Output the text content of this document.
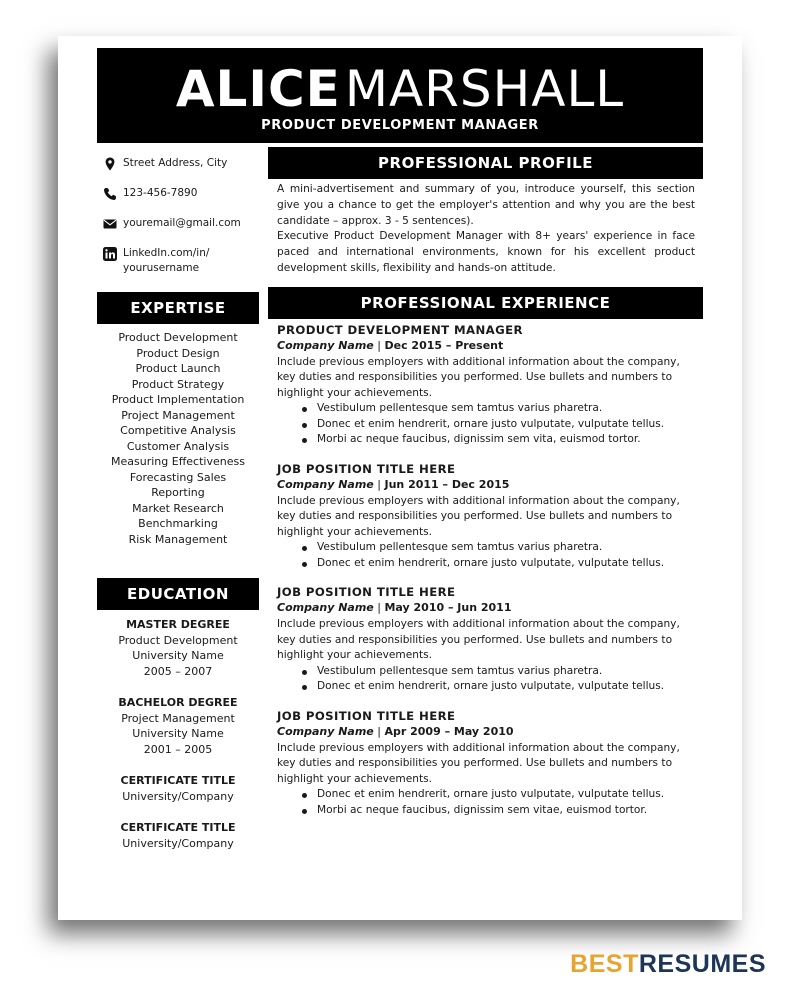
ALICEMARSHALL
PRODUCT DEVELOPMENT MANAGER
Street Address, City
123-456-7890
youremail@gmail.com
LinkedIn.com/in/ yourusername
EXPERTISE
Product Development
Product Design
Product Launch
Product Strategy
Product Implementation
Project Management
Competitive Analysis
Customer Analysis
Measuring Effectiveness
Forecasting Sales
Reporting
Market Research
Benchmarking
Risk Management
EDUCATION
MASTER DEGREE
Product Development
University Name
2005 – 2007
BACHELOR DEGREE
Project Management
University Name
2001 – 2005
CERTIFICATE TITLE
University/Company
CERTIFICATE TITLE
University/Company
PROFESSIONAL PROFILE
A mini-advertisement and summary of you, introduce yourself, this section give you a chance to get the employer's attention and why you are the best candidate – approx. 3 - 5 sentences).
Executive Product Development Manager with 8+ years' experience in face paced and international environments, known for his excellent product development skills, flexibility and hands-on attitude.
PROFESSIONAL EXPERIENCE
PRODUCT DEVELOPMENT MANAGER
Company Name | Dec 2015 – Present
Include previous employers with additional information about the company, key duties and responsibilities you performed. Use bullets and numbers to highlight your achievements.
Vestibulum pellentesque sem tamtus varius pharetra.
Donec et enim hendrerit, ornare justo vulputate, vulputate tellus.
Morbi ac neque faucibus, dignissim sem vita, euismod tortor.
JOB POSITION TITLE HERE
Company Name | Jun 2011 – Dec 2015
Include previous employers with additional information about the company, key duties and responsibilities you performed. Use bullets and numbers to highlight your achievements.
Vestibulum pellentesque sem tamtus varius pharetra.
Donec et enim hendrerit, ornare justo vulputate, vulputate tellus.
JOB POSITION TITLE HERE
Company Name | May 2010 – Jun 2011
Include previous employers with additional information about the company, key duties and responsibilities you performed. Use bullets and numbers to highlight your achievements.
Vestibulum pellentesque sem tamtus varius pharetra.
Donec et enim hendrerit, ornare justo vulputate, vulputate tellus.
JOB POSITION TITLE HERE
Company Name | Apr 2009 – May 2010
Include previous employers with additional information about the company, key duties and responsibilities you performed. Use bullets and numbers to highlight your achievements.
Donec et enim hendrerit, ornare justo vulputate, vulputate tellus.
Morbi ac neque faucibus, dignissim sem vitae, euismod tortor.
BESTRESUMES
